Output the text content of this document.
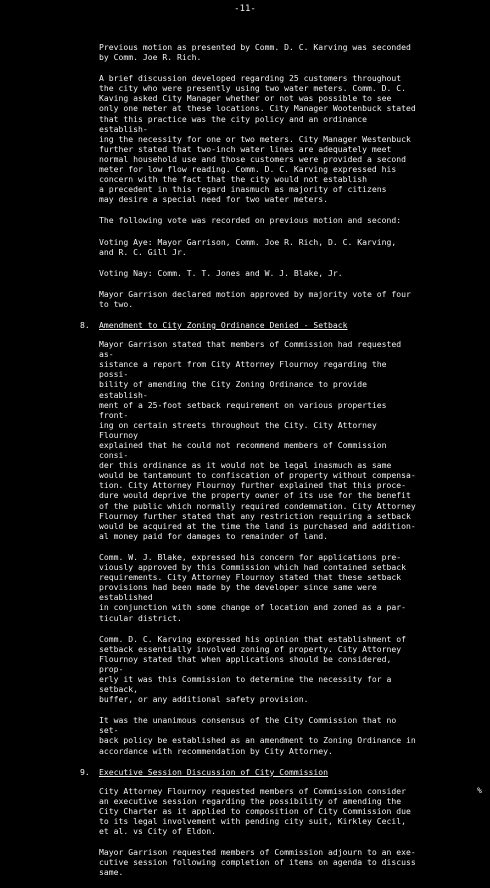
-11-

Previous motion as presented by Comm. D. C. Karving was seconded
by Comm. Joe R. Rich.

A brief discussion developed regarding 25 customers throughout
the city who were presently using two water meters. Comm. D. C.
Kaving asked City Manager whether or not was possible to see
only one meter at these locations. City Manager Wootenbuck stated
that this practice was the city policy and an ordinance establish-
ing the necessity for one or two meters. City Manager Westenbuck
further stated that two-inch water lines are adequately meet
normal household use and those customers were provided a second
meter for low flow reading. Comm. D. C. Karving expressed his
concern with the fact that the city would not establish
a precedent in this regard inasmuch as majority of citizens
may desire a special need for two water meters.

The following vote was recorded on previous motion and second:

Voting Aye: Mayor Garrison, Comm. Joe R. Rich, D. C. Karving,
and R. C. Gill Jr.

Voting Nay: Comm. T. T. Jones and W. J. Blake, Jr.

Mayor Garrison declared motion approved by majority vote of four
to two.

8. Amendment to City Zoning Ordinance Denied - Setback

Mayor Garrison stated that members of Commission had requested as-
sistance a report from City Attorney Flournoy regarding the possi-
bility of amending the City Zoning Ordinance to provide establish-
ment of a 25-foot setback requirement on various properties front-
ing on certain streets throughout the City. City Attorney Flournoy
explained that he could not recommend members of Commission consi-
der this ordinance as it would not be legal inasmuch as same
would be tantamount to confiscation of property without compensa-
tion. City Attorney Flournoy further explained that this proce-
dure would deprive the property owner of its use for the benefit
of the public which normally required condemnation. City Attorney
Flournoy further stated that any restriction requiring a setback
would be acquired at the time the land is purchased and addition-
al money paid for damages to remainder of land.

Comm. W. J. Blake, expressed his concern for applications pre-
viously approved by this Commission which had contained setback
requirements. City Attorney Flournoy stated that these setback
provisions had been made by the developer since same were established
in conjunction with some change of location and zoned as a par-
ticular district.

Comm. D. C. Karving expressed his opinion that establishment of
setback essentially involved zoning of property. City Attorney
Flournoy stated that when applications should be considered, prop-
erly it was this Commission to determine the necessity for a setback,
buffer, or any additional safety provision.

It was the unanimous consensus of the City Commission that no set-
back policy be established as an amendment to Zoning Ordinance in
accordance with recommendation by City Attorney.

9. Executive Session Discussion of City Commission

City Attorney Flournoy requested members of Commission consider
an executive session regarding the possibility of amending the
City Charter as it applied to composition of City Commission due
to its legal involvement with pending city suit, Kirkley Cecil,
et al. vs City of Eldon.

Mayor Garrison requested members of Commission adjourn to an exe-
cutive session following completion of items on agenda to discuss
same.

%
